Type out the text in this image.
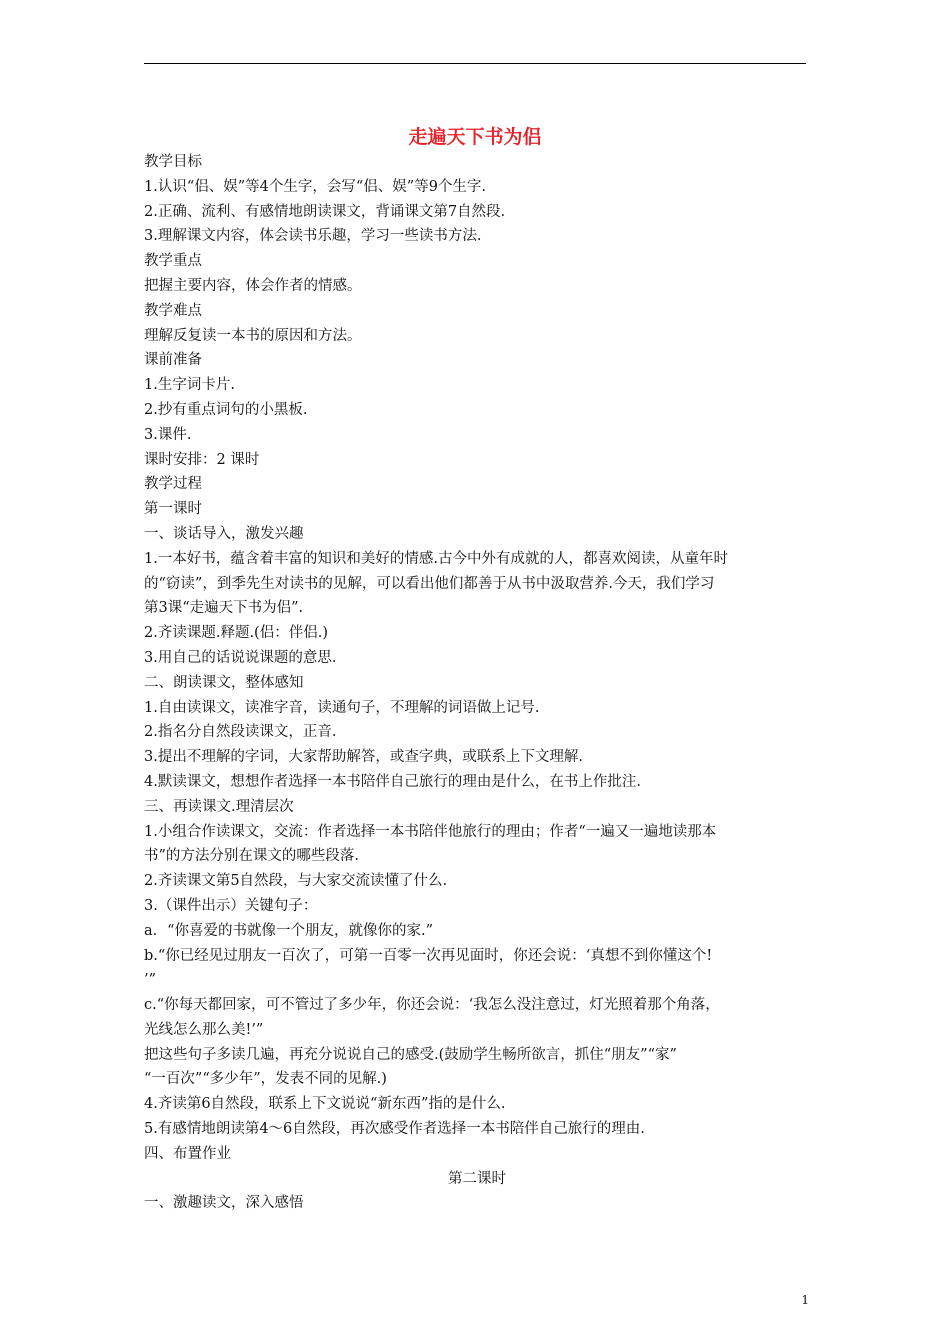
走遍天下书为侣
教学目标
1.认识“侣、娱”等4个生字，会写“侣、娱”等9个生字.
2.正确、流利、有感情地朗读课文，背诵课文第7自然段.
3.理解课文内容，体会读书乐趣，学习一些读书方法.
教学重点
把握主要内容，体会作者的情感。
教学难点
理解反复读一本书的原因和方法。
课前准备
1.生字词卡片.
2.抄有重点词句的小黑板.
3.课件.
课时安排：2 课时
教学过程
第一课时
一、谈话导入，激发兴趣
1.一本好书，蕴含着丰富的知识和美好的情感.古今中外有成就的人，都喜欢阅读，从童年时
的“窃读”，到季先生对读书的见解，可以看出他们都善于从书中汲取营养.今天，我们学习
第3课“走遍天下书为侣”.
2.齐读课题.释题.(侣：伴侣.)
3.用自己的话说说课题的意思.
二、朗读课文，整体感知
1.自由读课文，读准字音，读通句子，不理解的词语做上记号.
2.指名分自然段读课文，正音.
3.提出不理解的字词，大家帮助解答，或查字典，或联系上下文理解.
4.默读课文，想想作者选择一本书陪伴自己旅行的理由是什么，在书上作批注.
三、再读课文.理清层次
1.小组合作读课文，交流：作者选择一本书陪伴他旅行的理由；作者“一遍又一遍地读那本
书”的方法分别在课文的哪些段落.
2.齐读课文第5自然段，与大家交流读懂了什么.
3.（课件出示）关键句子：
a．“你喜爱的书就像一个朋友，就像你的家.”
b.“你已经见过朋友一百次了，可第一百零一次再见面时，你还会说：‘真想不到你懂这个!
’”
c.“你每天都回家，可不管过了多少年，你还会说：‘我怎么没注意过，灯光照着那个角落，
光线怎么那么美!’”
把这些句子多读几遍，再充分说说自己的感受.(鼓励学生畅所欲言，抓住“朋友”“家”
“一百次”“多少年”，发表不同的见解.)
4.齐读第6自然段，联系上下文说说“新东西”指的是什么.
5.有感情地朗读第4～6自然段，再次感受作者选择一本书陪伴自己旅行的理由.
四、布置作业
第二课时
一、激趣读文，深入感悟
1
